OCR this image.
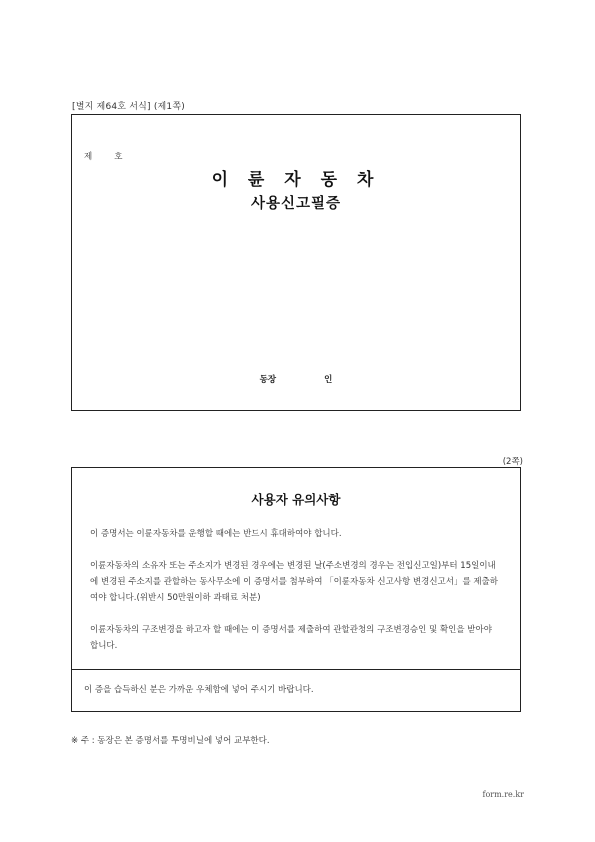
[별지 제64호 서식] (제1쪽)
제	호
이 륜 자 동 차
사용신고필증
동장	인
(2쪽)
사용자 유의사항
이 증명서는 이륜자동차를 운행할 때에는 반드시 휴대하여야 합니다.
이륜자동차의 소유자 또는 주소지가 변경된 경우에는 변경된 날(주소변경의 경우는 전입신고일)부터 15일이내에 변경된 주소지를 관할하는 동사무소에 이 증명서를 첨부하여 「이륜자동차 신고사항 변경신고서」를 제출하여야 합니다.(위반시 50만원이하 과태료 처분)
이륜자동차의 구조변경을 하고자 할 때에는 이 증명서를 제출하여 관할관청의 구조변경승인 및 확인을 받아야 합니다.
이 증을 습득하신 분은 가까운 우체함에 넣어 주시기 바랍니다.
※ 주 : 동장은 본 증명서를 투명비닐에 넣어 교부한다.
form.re.kr
